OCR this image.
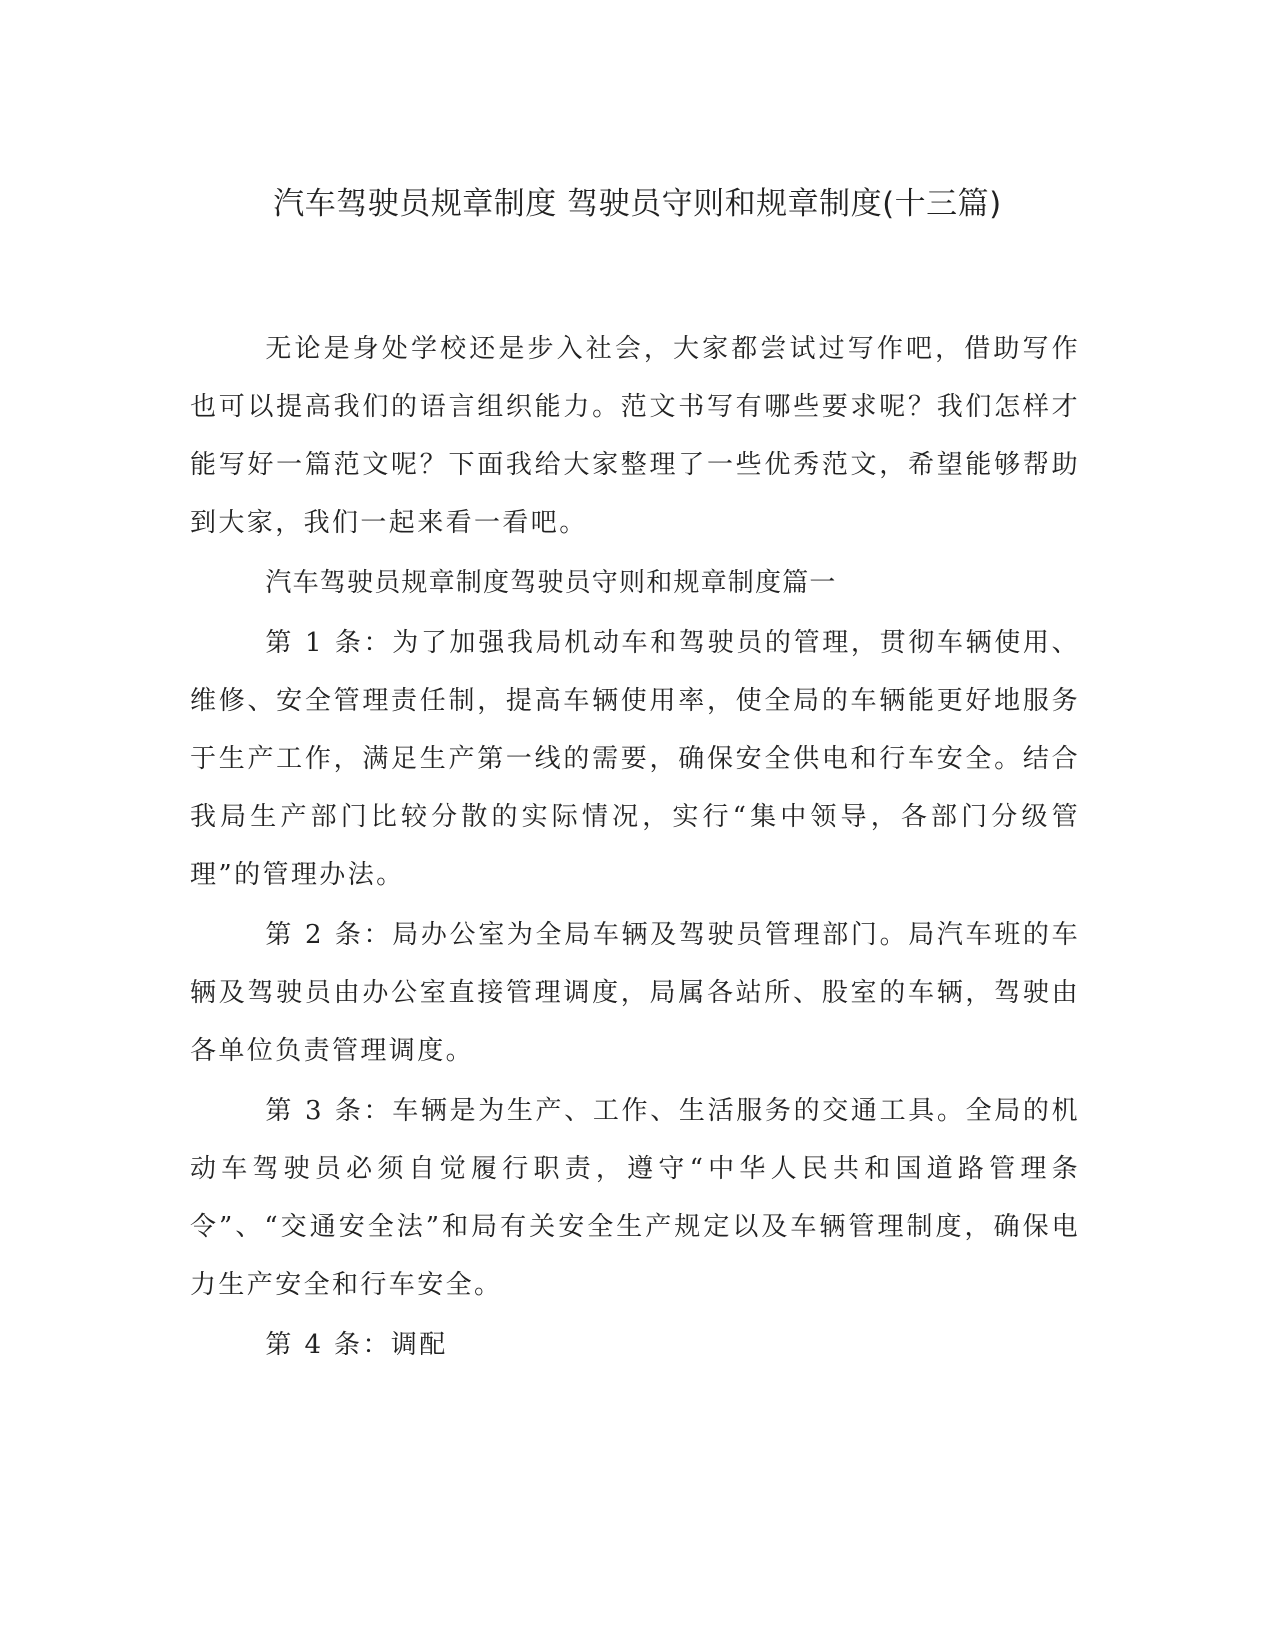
汽车驾驶员规章制度 驾驶员守则和规章制度(十三篇)

无论是身处学校还是步入社会，大家都尝试过写作吧，借助写作也可以提高我们的语言组织能力。范文书写有哪些要求呢？我们怎样才能写好一篇范文呢？下面我给大家整理了一些优秀范文，希望能够帮助到大家，我们一起来看一看吧。

汽车驾驶员规章制度驾驶员守则和规章制度篇一

第 1 条：为了加强我局机动车和驾驶员的管理，贯彻车辆使用、维修、安全管理责任制，提高车辆使用率，使全局的车辆能更好地服务于生产工作，满足生产第一线的需要，确保安全供电和行车安全。结合我局生产部门比较分散的实际情况，实行“集中领导，各部门分级管理”的管理办法。

第 2 条：局办公室为全局车辆及驾驶员管理部门。局汽车班的车辆及驾驶员由办公室直接管理调度，局属各站所、股室的车辆，驾驶由各单位负责管理调度。

第 3 条：车辆是为生产、工作、生活服务的交通工具。全局的机动车驾驶员必须自觉履行职责，遵守“中华人民共和国道路管理条令”、“交通安全法”和局有关安全生产规定以及车辆管理制度，确保电力生产安全和行车安全。

第 4 条：调配
